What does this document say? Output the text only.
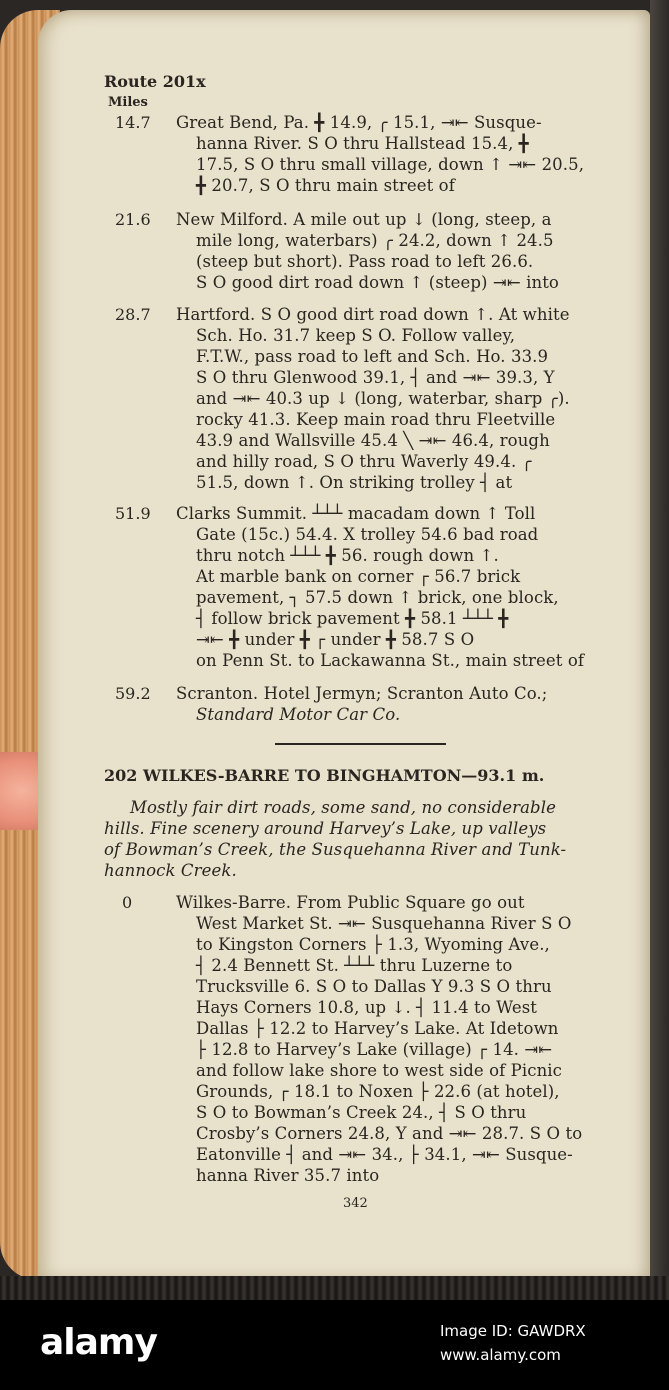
Route 201x
Miles
14.7 Great Bend, Pa. ╋ 14.9, ╭ 15.1, ⇥⇤ Susque-
hanna River. S O thru Hallstead 15.4, ╋
17.5, S O thru small village, down ↑ ⇥⇤ 20.5,
╋ 20.7, S O thru main street of
21.6 New Milford. A mile out up ↓ (long, steep, a
mile long, waterbars) ╭ 24.2, down ↑ 24.5
(steep but short). Pass road to left 26.6.
S O good dirt road down ↑ (steep) ⇥⇤ into
28.7 Hartford. S O good dirt road down ↑. At white
Sch. Ho. 31.7 keep S O. Follow valley,
F.T.W., pass road to left and Sch. Ho. 33.9
S O thru Glenwood 39.1, ┤ and ⇥⇤ 39.3, Y
and ⇥⇤ 40.3 up ↓ (long, waterbar, sharp ╭).
rocky 41.3. Keep main road thru Fleetville
43.9 and Wallsville 45.4 ╲ ⇥⇤ 46.4, rough
and hilly road, S O thru Waverly 49.4. ╭
51.5, down ↑. On striking trolley ┤ at
51.9 Clarks Summit. ┴┴┴ macadam down ↑ Toll
Gate (15c.) 54.4. X trolley 54.6 bad road
thru notch ┴┴┴ ╋ 56. rough down ↑.
At marble bank on corner ┌ 56.7 brick
pavement, ┐ 57.5 down ↑ brick, one block,
┤ follow brick pavement ╋ 58.1 ┴┴┴ ╋
⇥⇤ ╋ under ╋ ┌ under ╋ 58.7 S O
on Penn St. to Lackawanna St., main street of
59.2 Scranton. Hotel Jermyn; Scranton Auto Co.;
Standard Motor Car Co.
202 WILKES-BARRE TO BINGHAMTON—93.1 m.
Mostly fair dirt roads, some sand, no considerable
hills. Fine scenery around Harvey’s Lake, up valleys
of Bowman’s Creek, the Susquehanna River and Tunk-
hannock Creek.
0	Wilkes-Barre. From Public Square go out
West Market St. ⇥⇤ Susquehanna River S O
to Kingston Corners ├ 1.3, Wyoming Ave.,
┤ 2.4 Bennett St. ┴┴┴ thru Luzerne to
Trucksville 6. S O to Dallas Y 9.3 S O thru
Hays Corners 10.8, up ↓. ┤ 11.4 to West
Dallas ├ 12.2 to Harvey’s Lake. At Idetown
├ 12.8 to Harvey’s Lake (village) ┌ 14. ⇥⇤
and follow lake shore to west side of Picnic
Grounds, ┌ 18.1 to Noxen ├ 22.6 (at hotel),
S O to Bowman’s Creek 24., ┤ S O thru
Crosby’s Corners 24.8, Y and ⇥⇤ 28.7. S O to
Eatonville ┤ and ⇥⇤ 34., ├ 34.1, ⇥⇤ Susque-
hanna River 35.7 into
342
alamy	Image ID: GAWDRX
www.alamy.com
